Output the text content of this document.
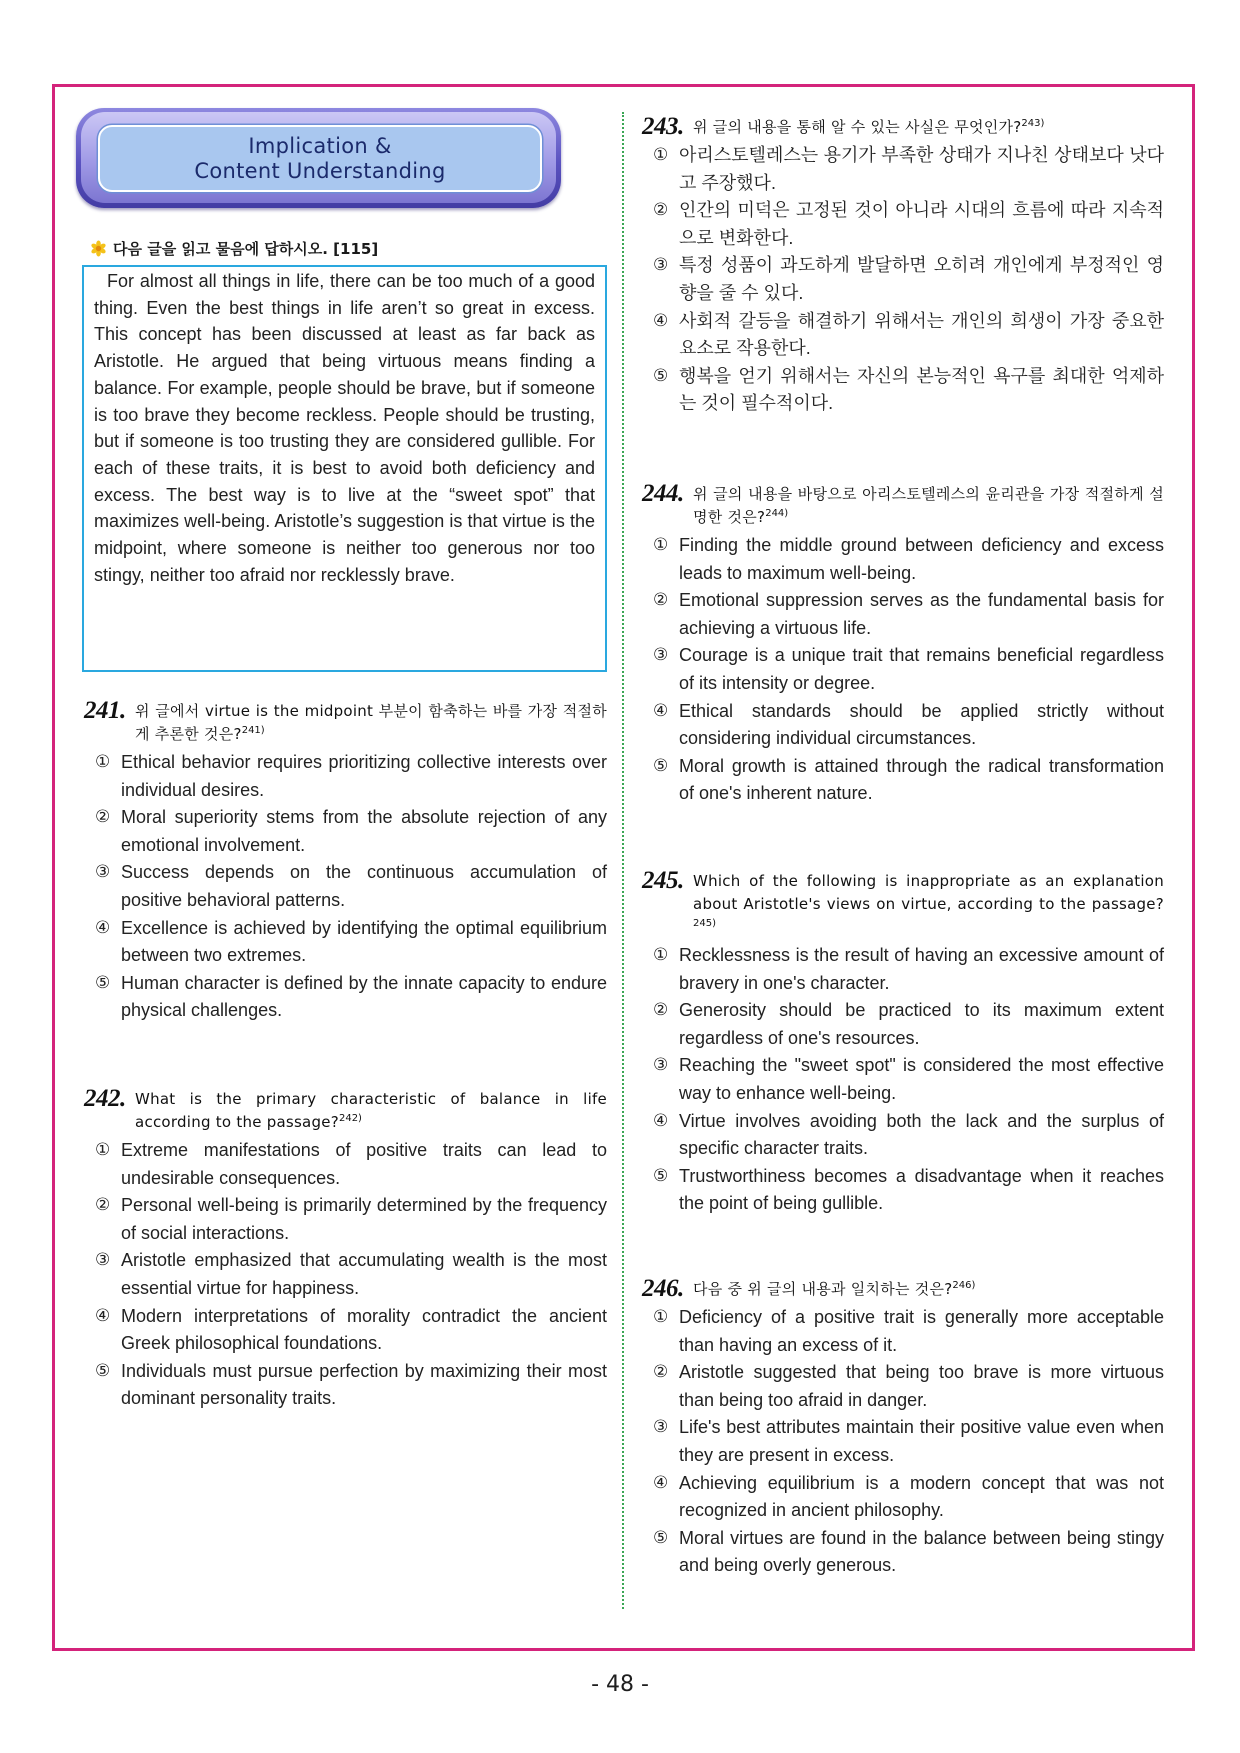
Implication &
Content Understanding
다음 글을 읽고 물음에 답하시오. [115]
For almost all things in life, there can be too much of a good thing. Even the best things in life aren’t so great in excess. This concept has been discussed at least as far back as Aristotle. He argued that being virtuous means finding a balance. For example, people should be brave, but if someone is too brave they become reckless. People should be trusting, but if someone is too trusting they are considered gullible. For each of these traits, it is best to avoid both deficiency and excess. The best way is to live at the “sweet spot” that maximizes well-being. Aristotle’s suggestion is that virtue is the midpoint, where someone is neither too generous nor too stingy, neither too afraid nor recklessly brave.
241. 위 글에서 virtue is the midpoint 부분이 함축하는 바를 가장 적절하게 추론한 것은?$^{241)}$
① Ethical behavior requires prioritizing collective interests over individual desires.
② Moral superiority stems from the absolute rejection of any emotional involvement.
③ Success depends on the continuous accumulation of positive behavioral patterns.
④ Excellence is achieved by identifying the optimal equilibrium between two extremes.
⑤ Human character is defined by the innate capacity to endure physical challenges.
242. What is the primary characteristic of balance in life according to the passage?$^{242)}$
① Extreme manifestations of positive traits can lead to undesirable consequences.
② Personal well-being is primarily determined by the frequency of social interactions.
③ Aristotle emphasized that accumulating wealth is the most essential virtue for happiness.
④ Modern interpretations of morality contradict the ancient Greek philosophical foundations.
⑤ Individuals must pursue perfection by maximizing their most dominant personality traits.
243. 위 글의 내용을 통해 알 수 있는 사실은 무엇인가?$^{243)}$
① 아리스토텔레스는 용기가 부족한 상태가 지나친 상태보다 낫다고 주장했다.
② 인간의 미덕은 고정된 것이 아니라 시대의 흐름에 따라 지속적으로 변화한다.
③ 특정 성품이 과도하게 발달하면 오히려 개인에게 부정적인 영향을 줄 수 있다.
④ 사회적 갈등을 해결하기 위해서는 개인의 희생이 가장 중요한 요소로 작용한다.
⑤ 행복을 얻기 위해서는 자신의 본능적인 욕구를 최대한 억제하는 것이 필수적이다.
244. 위 글의 내용을 바탕으로 아리스토텔레스의 윤리관을 가장 적절하게 설명한 것은?$^{244)}$
① Finding the middle ground between deficiency and excess leads to maximum well-being.
② Emotional suppression serves as the fundamental basis for achieving a virtuous life.
③ Courage is a unique trait that remains beneficial regardless of its intensity or degree.
④ Ethical standards should be applied strictly without considering individual circumstances.
⑤ Moral growth is attained through the radical transformation of one's inherent nature.
245. Which of the following is inappropriate as an explanation about Aristotle's views on virtue, according to the passage?$^{245)}$
① Recklessness is the result of having an excessive amount of bravery in one's character.
② Generosity should be practiced to its maximum extent regardless of one's resources.
③ Reaching the "sweet spot" is considered the most effective way to enhance well-being.
④ Virtue involves avoiding both the lack and the surplus of specific character traits.
⑤ Trustworthiness becomes a disadvantage when it reaches the point of being gullible.
246. 다음 중 위 글의 내용과 일치하는 것은?$^{246)}$
① Deficiency of a positive trait is generally more acceptable than having an excess of it.
② Aristotle suggested that being too brave is more virtuous than being too afraid in danger.
③ Life's best attributes maintain their positive value even when they are present in excess.
④ Achieving equilibrium is a modern concept that was not recognized in ancient philosophy.
⑤ Moral virtues are found in the balance between being stingy and being overly generous.
- 48 -
